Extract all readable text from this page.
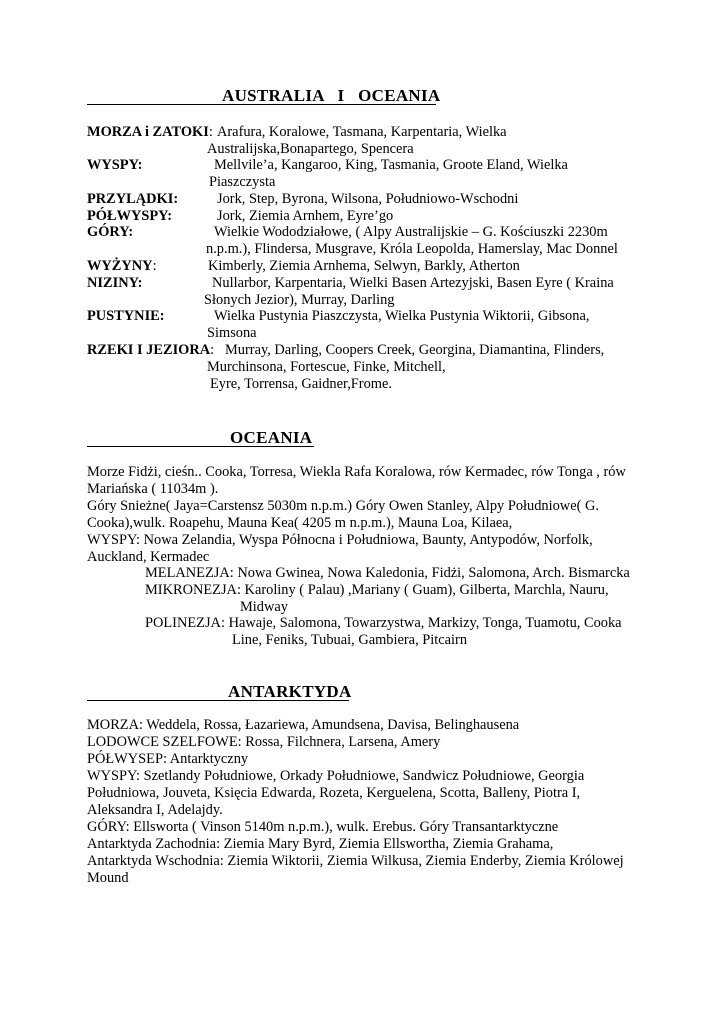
AUSTRALIA   I   OCEANIA
MORZA i ZATOKI: Arafura, Koralowe, Tasmana, Karpentaria, Wielka
Australijska,Bonapartego, Spencera
WYSPY:	Mellvile’a, Kangaroo, King, Tasmania, Groote Eland, Wielka
Piaszczysta
PRZYLĄDKI:	Jork, Step, Byrona, Wilsona, Południowo-Wschodni
PÓŁWYSPY:	Jork, Ziemia Arnhem, Eyre’go
GÓRY:	Wielkie Wododziałowe, ( Alpy Australijskie – G. Kościuszki 2230m
n.p.m.), Flindersa, Musgrave, Króla Leopolda, Hamerslay, Mac Donnel
WYŻYNY:	Kimberly, Ziemia Arnhema, Selwyn, Barkly, Atherton
NIZINY:	Nullarbor, Karpentaria, Wielki Basen Artezyjski, Basen Eyre ( Kraina
Słonych Jezior), Murray, Darling
PUSTYNIE:	Wielka Pustynia Piaszczysta, Wielka Pustynia Wiktorii, Gibsona,
Simsona
RZEKI I JEZIORA: Murray, Darling, Coopers Creek, Georgina, Diamantina, Flinders,
Murchinsona, Fortescue, Finke, Mitchell,
Eyre, Torrensa, Gaidner,Frome.
OCEANIA
Morze Fidżi, cieśn.. Cooka, Torresa, Wiekla Rafa Koralowa, rów Kermadec, rów Tonga , rów
Mariańska ( 11034m ).
Góry Snieżne( Jaya=Carstensz 5030m n.p.m.) Góry Owen Stanley, Alpy Południowe( G.
Cooka),wulk. Roapehu, Mauna Kea( 4205 m n.p.m.), Mauna Loa, Kilaea,
WYSPY: Nowa Zelandia, Wyspa Północna i Południowa, Baunty, Antypodów, Norfolk,
Auckland, Kermadec
MELANEZJA: Nowa Gwinea, Nowa Kaledonia, Fidżi, Salomona, Arch. Bismarcka
MIKRONEZJA: Karoliny ( Palau) ,Mariany ( Guam), Gilberta, Marchla, Nauru,
Midway
POLINEZJA: Hawaje, Salomona, Towarzystwa, Markizy, Tonga, Tuamotu, Cooka
Line, Feniks, Tubuai, Gambiera, Pitcairn
ANTARKTYDA
MORZA: Weddela, Rossa, Łazariewa, Amundsena, Davisa, Belinghausena
LODOWCE SZELFOWE: Rossa, Filchnera, Larsena, Amery
PÓŁWYSEP: Antarktyczny
WYSPY: Szetlandy Południowe, Orkady Południowe, Sandwicz Południowe, Georgia
Południowa, Jouveta, Księcia Edwarda, Rozeta, Kerguelena, Scotta, Balleny, Piotra I,
Aleksandra I, Adelajdy.
GÓRY: Ellsworta ( Vinson 5140m n.p.m.), wulk. Erebus. Góry Transantarktyczne
Antarktyda Zachodnia: Ziemia Mary Byrd, Ziemia Ellswortha, Ziemia Grahama,
Antarktyda Wschodnia: Ziemia Wiktorii, Ziemia Wilkusa, Ziemia Enderby, Ziemia Królowej
Mound
